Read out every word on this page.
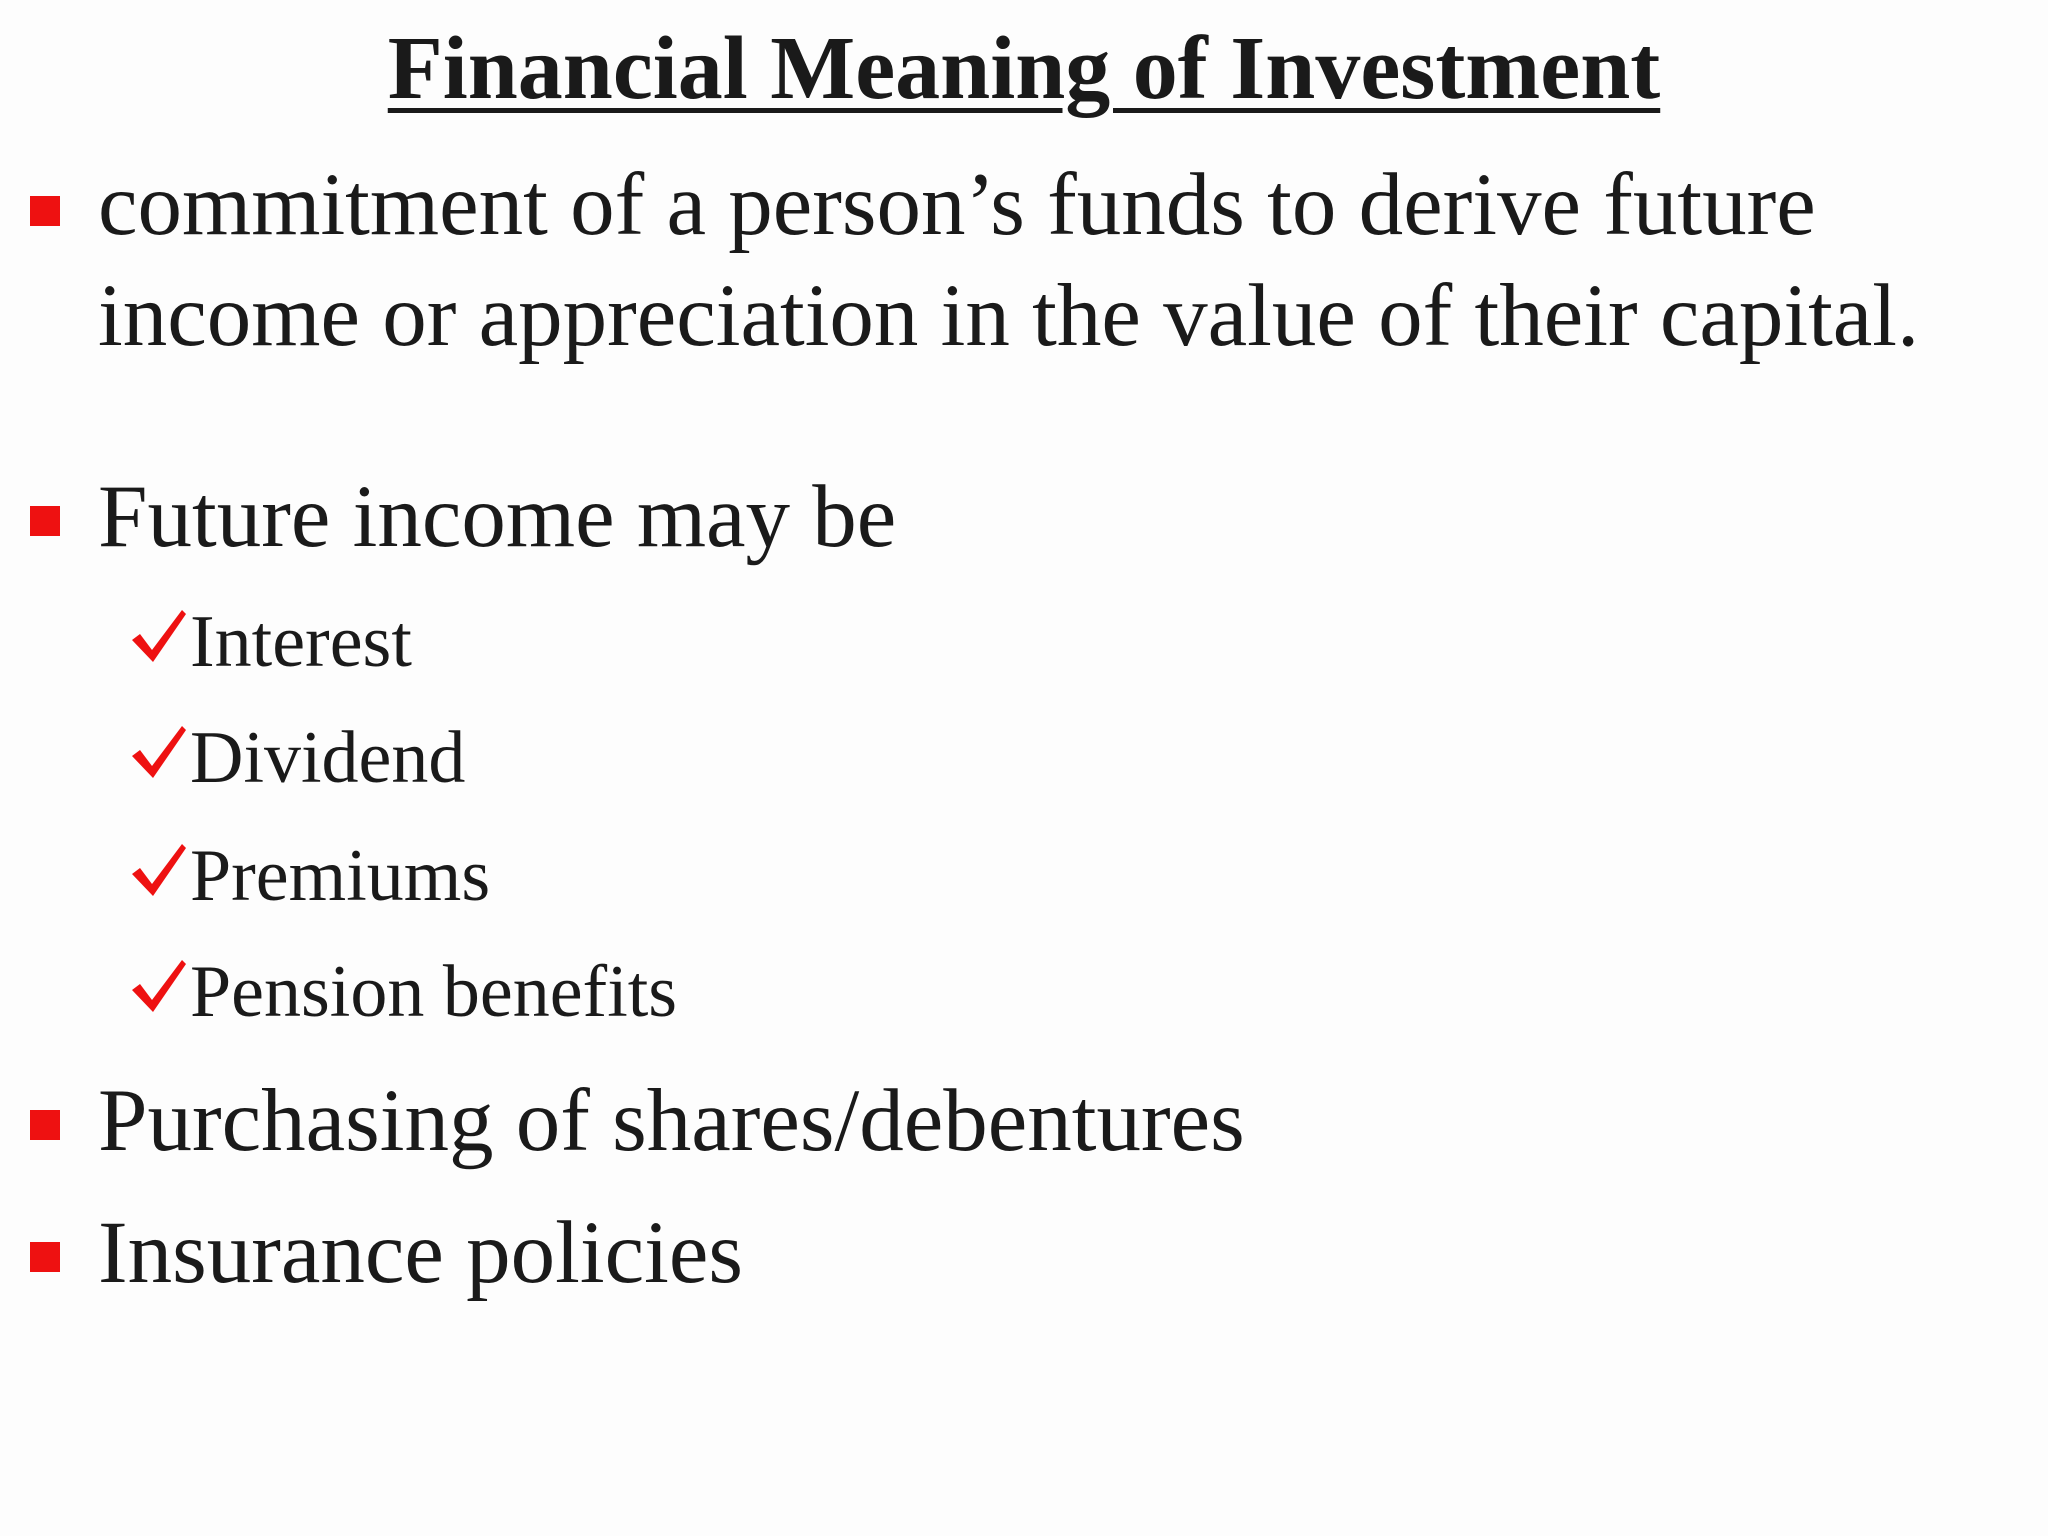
Financial Meaning of Investment
commitment of a person’s funds to derive future
income or appreciation in the value of their capital.
Future income may be
Interest
Dividend
Premiums
Pension benefits
Purchasing of shares/debentures
Insurance policies
